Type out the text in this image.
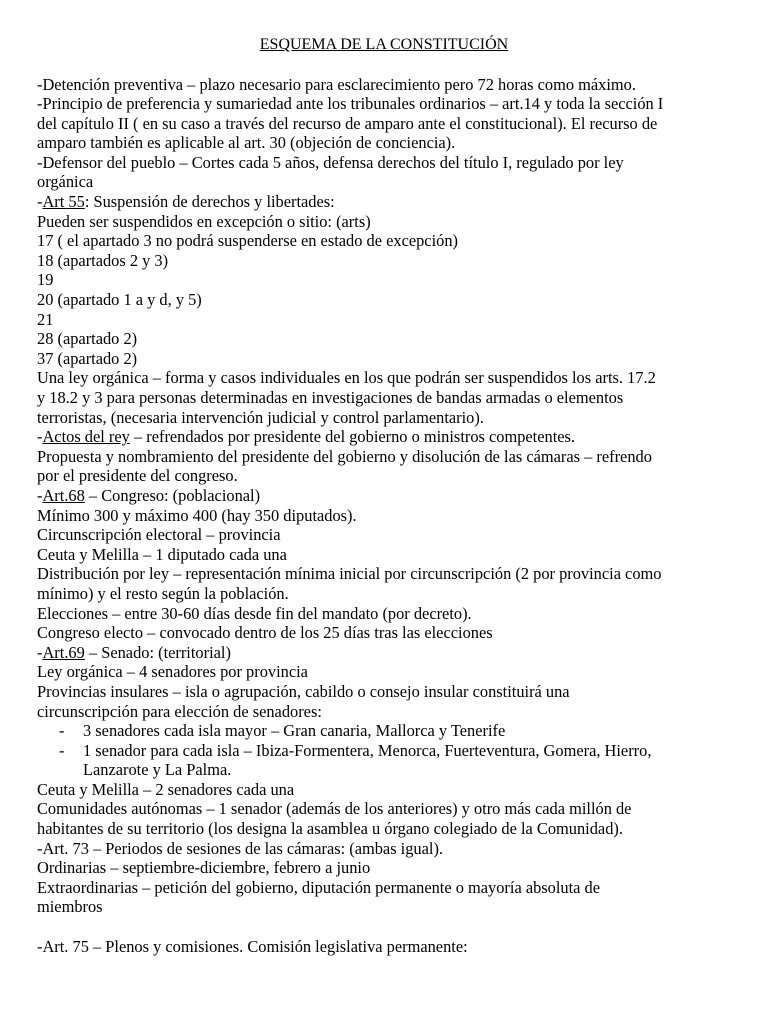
ESQUEMA DE LA CONSTITUCIÓN

-Detención preventiva – plazo necesario para esclarecimiento pero 72 horas como máximo.

-Principio de preferencia y sumariedad ante los tribunales ordinarios – art.14 y toda la sección I

del capítulo II ( en su caso a través del recurso de amparo ante el constitucional). El recurso de

amparo también es aplicable al art. 30 (objeción de conciencia).

-Defensor del pueblo – Cortes cada 5 años, defensa derechos del título I, regulado por ley

orgánica

-Art 55: Suspensión de derechos y libertades:

Pueden ser suspendidos en excepción o sitio: (arts)

17 ( el apartado 3 no podrá suspenderse en estado de excepción)

18 (apartados 2 y 3)

19

20 (apartado 1 a y d, y 5)

21

28 (apartado 2)

37 (apartado 2)

Una ley orgánica – forma y casos individuales en los que podrán ser suspendidos los arts. 17.2

y 18.2 y 3 para personas determinadas en investigaciones de bandas armadas o elementos

terroristas, (necesaria intervención judicial y control parlamentario).

-Actos del rey – refrendados por presidente del gobierno o ministros competentes.

Propuesta y nombramiento del presidente del gobierno y disolución de las cámaras – refrendo

por el presidente del congreso.

-Art.68 – Congreso: (poblacional)

Mínimo 300 y máximo 400 (hay 350 diputados).

Circunscripción electoral – provincia

Ceuta y Melilla – 1 diputado cada una

Distribución por ley – representación mínima inicial por circunscripción (2 por provincia como

mínimo) y el resto según la población.

Elecciones – entre 30-60 días desde fin del mandato (por decreto).

Congreso electo – convocado dentro de los 25 días tras las elecciones

-Art.69 – Senado: (territorial)

Ley orgánica – 4 senadores por provincia

Provincias insulares – isla o agrupación, cabildo o consejo insular constituirá una

circunscripción para elección de senadores:

- 3 senadores cada isla mayor – Gran canaria, Mallorca y Tenerife

- 1 senador para cada isla – Ibiza-Formentera, Menorca, Fuerteventura, Gomera, Hierro,

Lanzarote y La Palma.

Ceuta y Melilla – 2 senadores cada una

Comunidades autónomas – 1 senador (además de los anteriores) y otro más cada millón de

habitantes de su territorio (los designa la asamblea u órgano colegiado de la Comunidad).

-Art. 73 – Periodos de sesiones de las cámaras: (ambas igual).

Ordinarias – septiembre-diciembre, febrero a junio

Extraordinarias – petición del gobierno, diputación permanente o mayoría absoluta de

miembros

-Art. 75 – Plenos y comisiones. Comisión legislativa permanente:
